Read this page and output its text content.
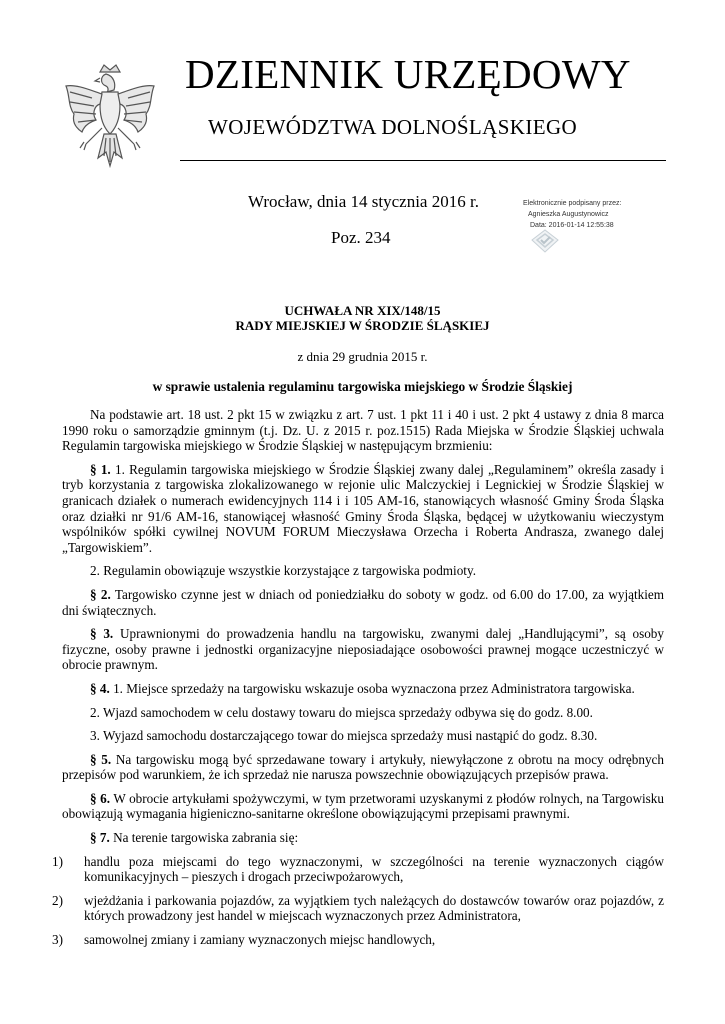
DZIENNIK URZĘDOWY
WOJEWÓDZTWA DOLNOŚLĄSKIEGO
Wrocław, dnia 14 stycznia 2016 r.
Poz. 234
Elektronicznie podpisany przez:
Agnieszka Augustynowicz
Data: 2016-01-14 12:55:38
UCHWAŁA NR XIX/148/15
RADY MIEJSKIEJ W ŚRODZIE ŚLĄSKIEJ
z dnia 29 grudnia 2015 r.
w sprawie ustalenia regulaminu targowiska miejskiego w Środzie Śląskiej

Na podstawie art. 18 ust. 2 pkt 15 w związku z art. 7 ust. 1 pkt 11 i 40 i ust. 2 pkt 4 ustawy z dnia 8 marca 1990 roku o samorządzie gminnym (t.j. Dz. U. z 2015 r. poz.1515) Rada Miejska w Środzie Śląskiej uchwala Regulamin targowiska miejskiego w Środzie Śląskiej w następującym brzmieniu:

§ 1. 1. Regulamin targowiska miejskiego w Środzie Śląskiej zwany dalej „Regulaminem” określa zasady i tryb korzystania z targowiska zlokalizowanego w rejonie ulic Malczyckiej i Legnickiej w Środzie Śląskiej w granicach działek o numerach ewidencyjnych 114 i i 105 AM-16, stanowiących własność Gminy Środa Śląska oraz działki nr 91/6 AM-16, stanowiącej własność Gminy Środa Śląska, będącej w użytkowaniu wieczystym wspólników spółki cywilnej NOVUM FORUM Mieczysława Orzecha i Roberta Andrasza, zwanego dalej „Targowiskiem”.

2. Regulamin obowiązuje wszystkie korzystające z targowiska podmioty.

§ 2. Targowisko czynne jest w dniach od poniedziałku do soboty w godz. od 6.00 do 17.00, za wyjątkiem dni świątecznych.

§ 3. Uprawnionymi do prowadzenia handlu na targowisku, zwanymi dalej „Handlującymi”, są osoby fizyczne, osoby prawne i jednostki organizacyjne nieposiadające osobowości prawnej mogące uczestniczyć w obrocie prawnym.

§ 4. 1. Miejsce sprzedaży na targowisku wskazuje osoba wyznaczona przez Administratora targowiska.

2. Wjazd samochodem w celu dostawy towaru do miejsca sprzedaży odbywa się do godz. 8.00.

3. Wyjazd samochodu dostarczającego towar do miejsca sprzedaży musi nastąpić do godz. 8.30.

§ 5. Na targowisku mogą być sprzedawane towary i artykuły, niewyłączone z obrotu na mocy odrębnych przepisów pod warunkiem, że ich sprzedaż nie narusza powszechnie obowiązujących przepisów prawa.

§ 6. W obrocie artykułami spożywczymi, w tym przetworami uzyskanymi z płodów rolnych, na Targowisku obowiązują wymagania higieniczno-sanitarne określone obowiązującymi przepisami prawnymi.

§ 7. Na terenie targowiska zabrania się:

1) handlu poza miejscami do tego wyznaczonymi, w szczególności na terenie wyznaczonych ciągów komunikacyjnych – pieszych i drogach przeciwpożarowych,
2) wjeżdżania i parkowania pojazdów, za wyjątkiem tych należących do dostawców towarów oraz pojazdów, z których prowadzony jest handel w miejscach wyznaczonych przez Administratora,
3) samowolnej zmiany i zamiany wyznaczonych miejsc handlowych,
